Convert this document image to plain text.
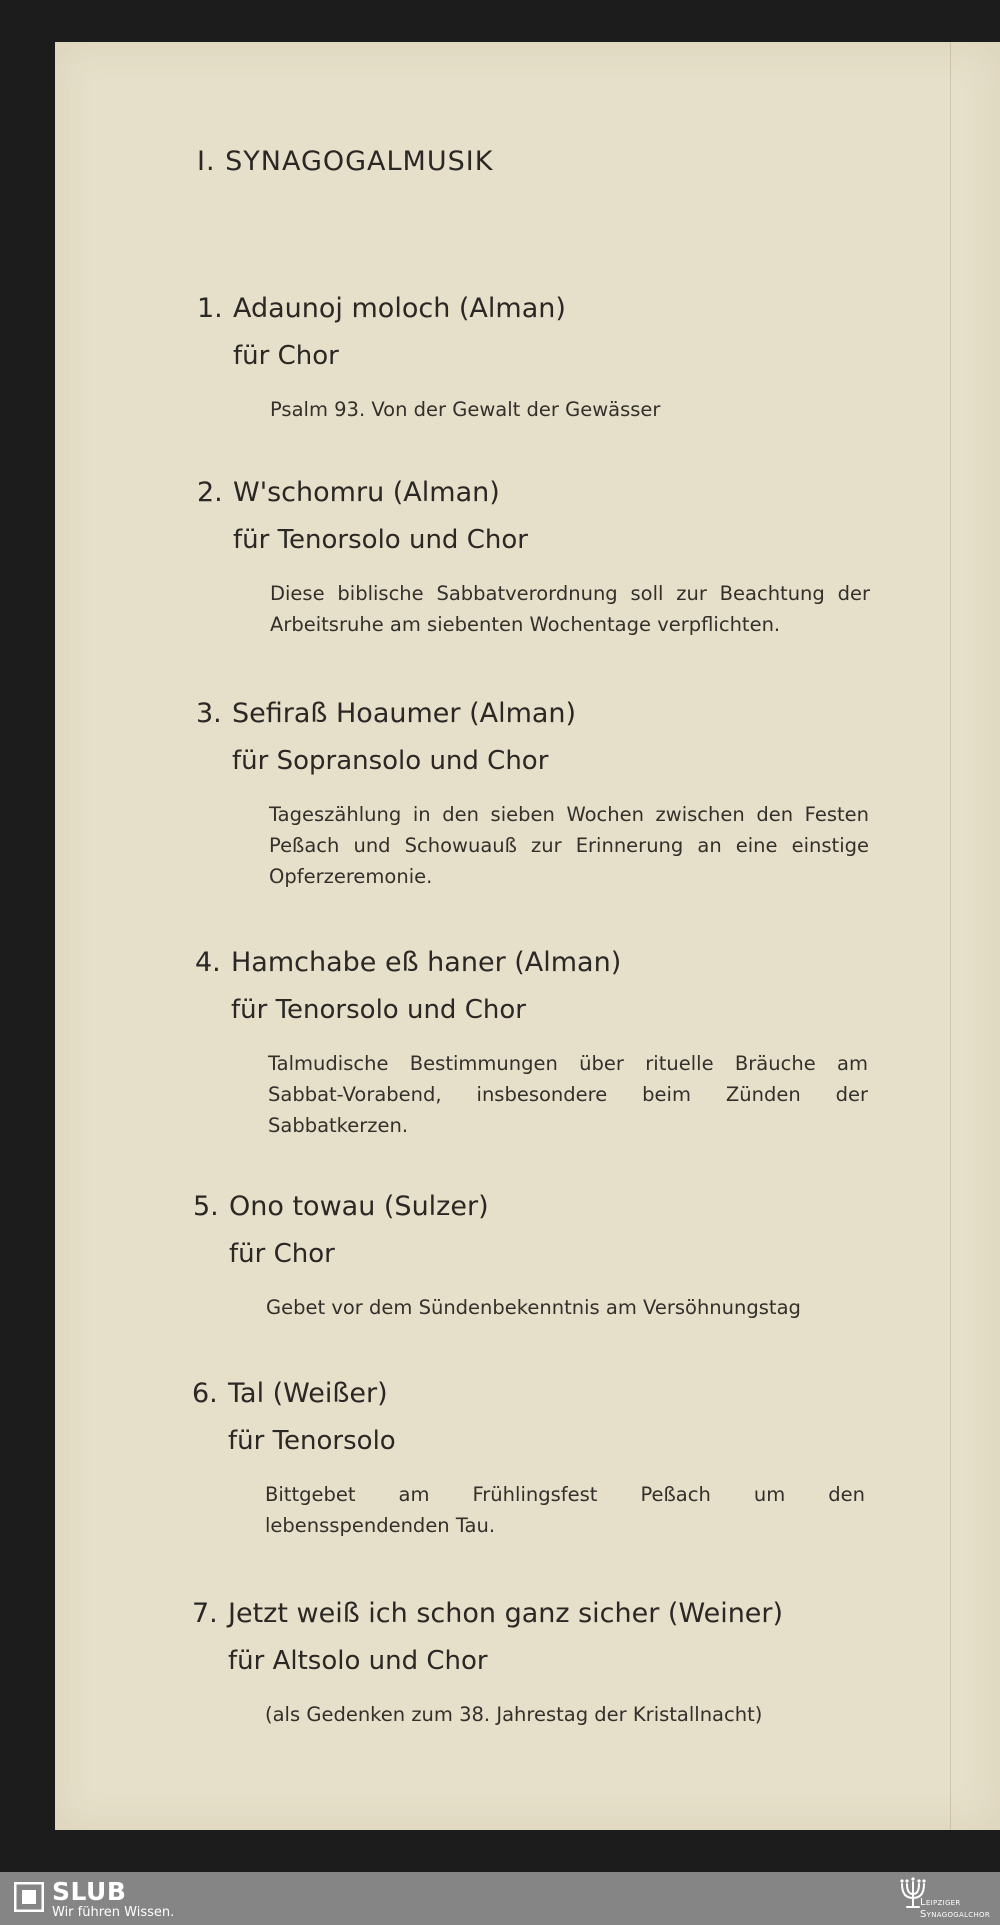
I. SYNAGOGALMUSIK

1. Adaunoj moloch (Alman)

für Chor

Psalm 93. Von der Gewalt der Gewässer

2. W'schomru (Alman)

für Tenorsolo und Chor

Diese biblische Sabbatverordnung soll zur Beachtung der Arbeitsruhe am siebenten Wochentage verpflichten.

3. Sefiraß Hoaumer (Alman)

für Sopransolo und Chor

Tageszählung in den sieben Wochen zwischen den Festen Peßach und Schowuauß zur Erinnerung an eine einstige Opferzeremonie.

4. Hamchabe eß haner (Alman)

für Tenorsolo und Chor

Talmudische Bestimmungen über rituelle Bräuche am Sabbat-Vorabend, insbesondere beim Zünden der Sabbatkerzen.

5. Ono towau (Sulzer)

für Chor

Gebet vor dem Sündenbekenntnis am Versöhnungstag

6. Tal (Weißer)

für Tenorsolo

Bittgebet am Frühlingsfest Peßach um den lebensspendenden Tau.

7. Jetzt weiß ich schon ganz sicher (Weiner)

für Altsolo und Chor

(als Gedenken zum 38. Jahrestag der Kristallnacht)

SLUB
Wir führen Wissen.
Leipziger
Synagogalchor
